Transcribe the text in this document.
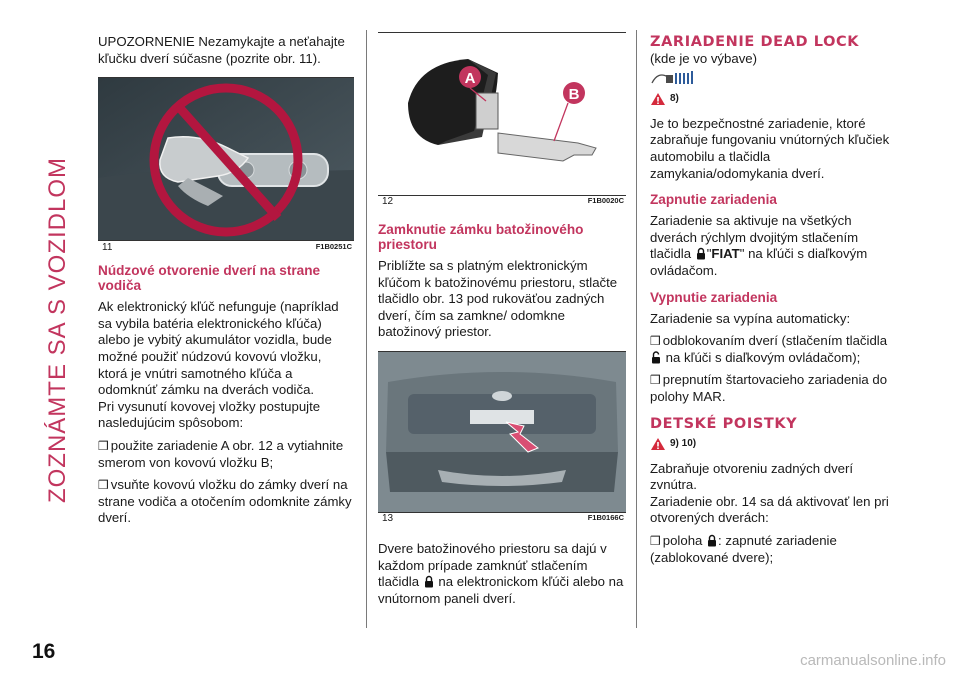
ZOZNÁMTE SA S VOZIDLOM
16	carmanualsonline.info

UPOZORNENIE Nezamykajte a neťahajte kľučku dverí súčasne (pozrite obr. 11).

11	F1B0251C
Núdzové otvorenie dverí na strane vodiča

Ak elektronický kľúč nefunguje (napríklad sa vybila batéria elektronického kľúča) alebo je vybitý akumulátor vozidla, bude možné použiť núdzovú kovovú vložku, ktorá je vnútri samotného kľúča a odomknúť zámku na dverách vodiča.

Pri vysunutí kovovej vložky postupujte nasledujúcim spôsobom:

❒ použite zariadenie A obr. 12 a vytiahnite smerom von kovovú vložku B;

❒ vsuňte kovovú vložku do zámky dverí na strane vodiča a otočením odomknite zámky dverí.

A
B
12	F1B0020C
Zamknutie zámku batožinového priestoru

Priblížte sa s platným elektronickým kľúčom k batožinovému priestoru, stlačte tlačidlo obr. 13 pod rukoväťou zadných dverí, čím sa zamkne/ odomkne batožinový priestor.

13	F1B0166C

Dvere batožinového priestoru sa dajú v každom prípade zamknúť stlačením tlačidla na elektronickom kľúči alebo na vnútornom paneli dverí.

ZARIADENIE DEAD LOCK

(kde je vo výbave)

8)

Je to bezpečnostné zariadenie, ktoré zabraňuje fungovaniu vnútorných kľučiek automobilu a tlačidla zamykania/odomykania dverí.

Zapnutie zariadenia

Zariadenie sa aktivuje na všetkých dverách rýchlym dvojitým stlačením tlačidla "FIAT" na kľúči s diaľkovým ovládačom.

Vypnutie zariadenia

Zariadenie sa vypína automaticky:

❒ odblokovaním dverí (stlačením tlačidla  na kľúči s diaľkovým ovládačom);

❒ prepnutím štartovacieho zariadenia do polohy MAR.

DETSKÉ POISTKY
9) 10)

Zabraňuje otvoreniu zadných dverí zvnútra.

Zariadenie obr. 14 sa dá aktivovať len pri otvorených dverách:

❒ poloha : zapnuté zariadenie (zablokované dvere);
